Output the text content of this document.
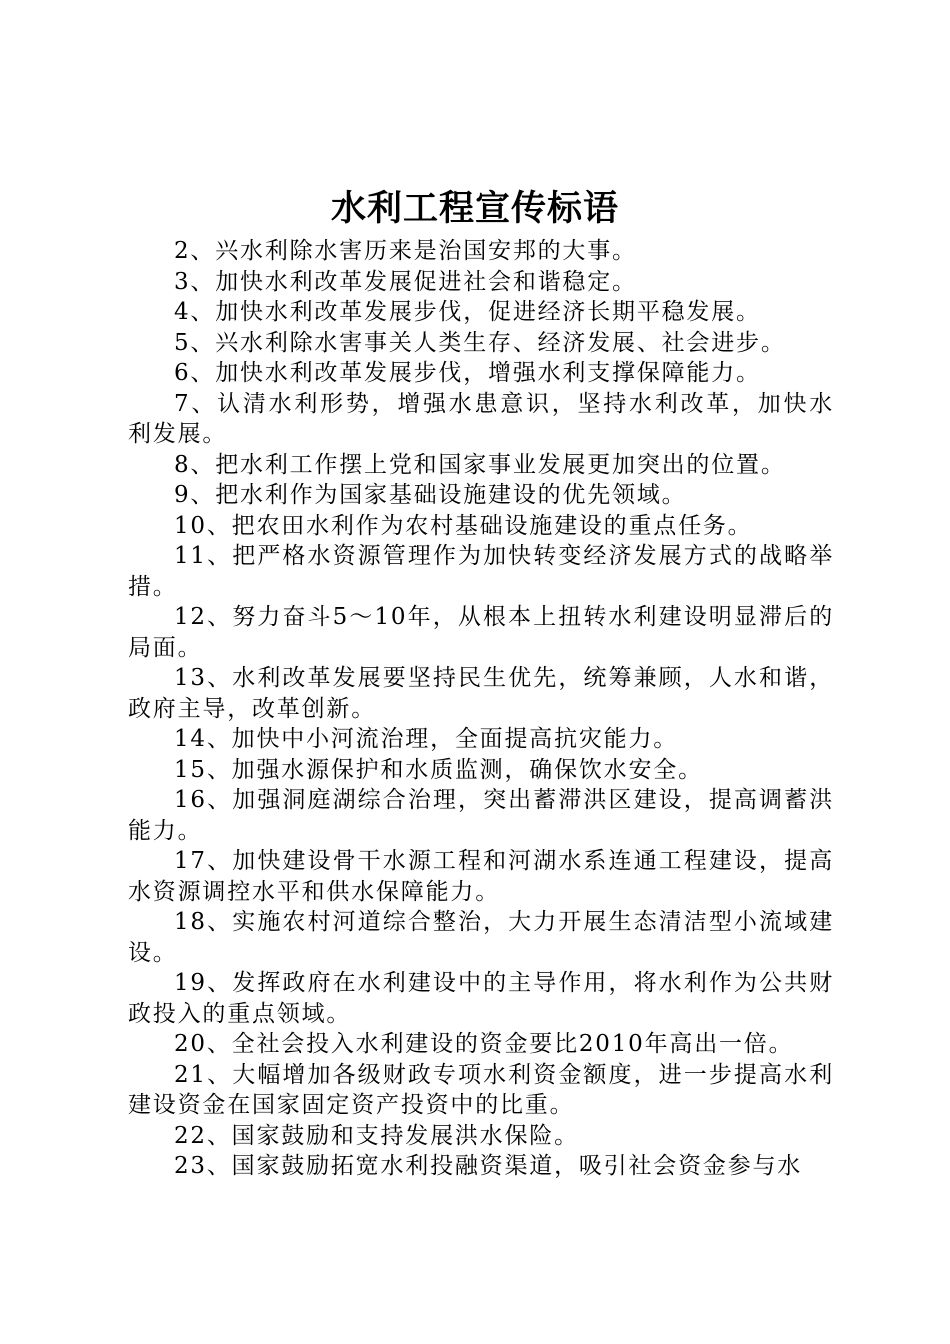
水利工程宣传标语

2、兴水利除水害历来是治国安邦的大事。

3、加快水利改革发展促进社会和谐稳定。

4、加快水利改革发展步伐，促进经济长期平稳发展。

5、兴水利除水害事关人类生存、经济发展、社会进步。

6、加快水利改革发展步伐，增强水利支撑保障能力。

7、认清水利形势，增强水患意识，坚持水利改革，加快水利发展。

8、把水利工作摆上党和国家事业发展更加突出的位置。

9、把水利作为国家基础设施建设的优先领域。

10、把农田水利作为农村基础设施建设的重点任务。

11、把严格水资源管理作为加快转变经济发展方式的战略举措。

12、努力奋斗5～10年，从根本上扭转水利建设明显滞后的局面。

13、水利改革发展要坚持民生优先，统筹兼顾，人水和谐，政府主导，改革创新。

14、加快中小河流治理，全面提高抗灾能力。

15、加强水源保护和水质监测，确保饮水安全。

16、加强洞庭湖综合治理，突出蓄滞洪区建设，提高调蓄洪能力。

17、加快建设骨干水源工程和河湖水系连通工程建设，提高水资源调控水平和供水保障能力。

18、实施农村河道综合整治，大力开展生态清洁型小流域建设。

19、发挥政府在水利建设中的主导作用，将水利作为公共财政投入的重点领域。

20、全社会投入水利建设的资金要比2010年高出一倍。

21、大幅增加各级财政专项水利资金额度，进一步提高水利建设资金在国家固定资产投资中的比重。

22、国家鼓励和支持发展洪水保险。

23、国家鼓励拓宽水利投融资渠道，吸引社会资金参与水
